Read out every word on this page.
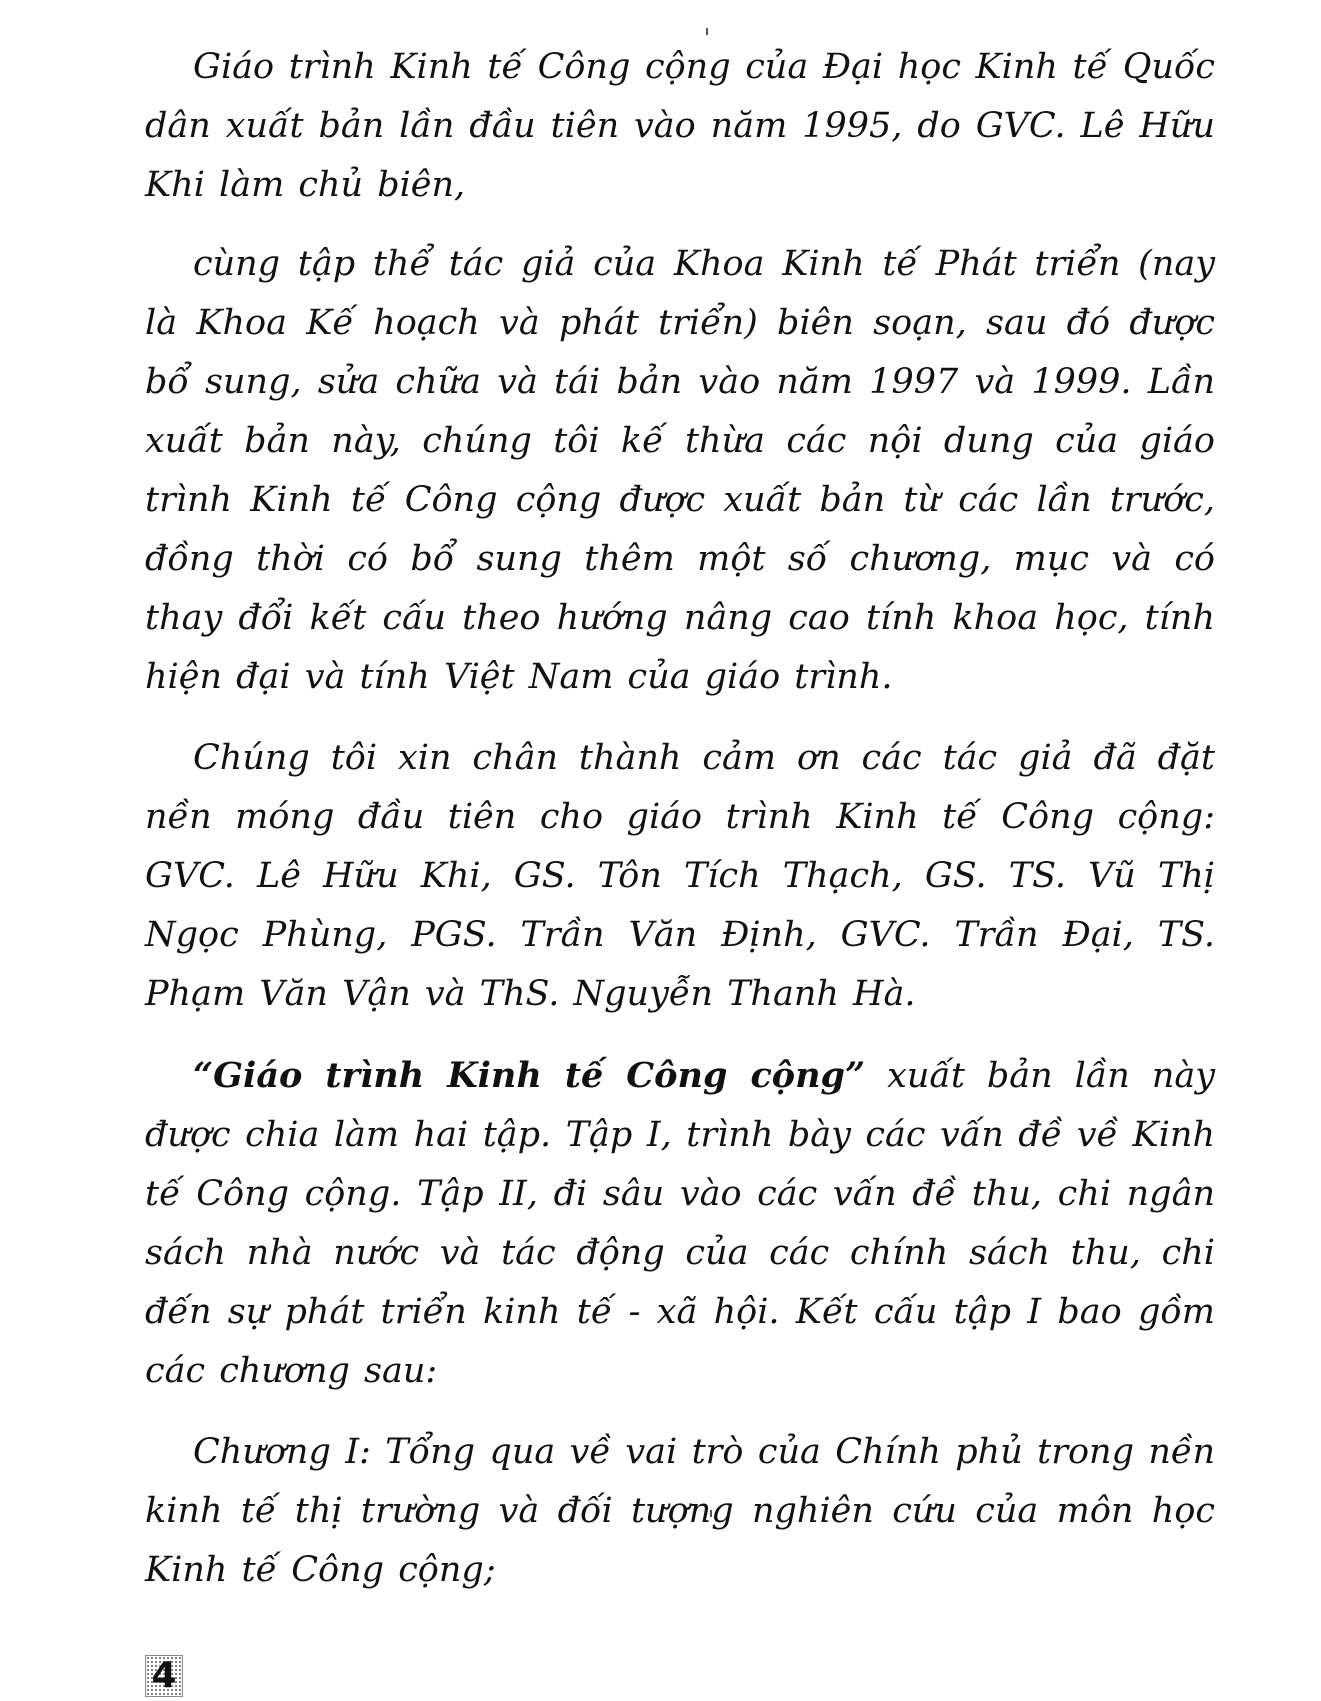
Giáo trình Kinh tế Công cộng của Đại học Kinh tế Quốc dân xuất bản lần đầu tiên vào năm 1995, do GVC. Lê Hữu Khi làm chủ biên,

cùng tập thể tác giả của Khoa Kinh tế Phát triển (nay là Khoa Kế hoạch và phát triển) biên soạn, sau đó được bổ sung, sửa chữa và tái bản vào năm 1997 và 1999. Lần xuất bản này, chúng tôi kế thừa các nội dung của giáo trình Kinh tế Công cộng được xuất bản từ các lần trước, đồng thời có bổ sung thêm một số chương, mục và có thay đổi kết cấu theo hướng nâng cao tính khoa học, tính hiện đại và tính Việt Nam của giáo trình.

Chúng tôi xin chân thành cảm ơn các tác giả đã đặt nền móng đầu tiên cho giáo trình Kinh tế Công cộng: GVC. Lê Hữu Khi, GS. Tôn Tích Thạch, GS. TS. Vũ Thị Ngọc Phùng, PGS. Trần Văn Định, GVC. Trần Đại, TS. Phạm Văn Vận và ThS. Nguyễn Thanh Hà.

“Giáo trình Kinh tế Công cộng” xuất bản lần này được chia làm hai tập. Tập I, trình bày các vấn đề về Kinh tế Công cộng. Tập II, đi sâu vào các vấn đề thu, chi ngân sách nhà nước và tác động của các chính sách thu, chi đến sự phát triển kinh tế - xã hội. Kết cấu tập I bao gồm các chương sau:

Chương I: Tổng qua về vai trò của Chính phủ trong nền kinh tế thị trường và đối tượng nghiên cứu của môn học Kinh tế Công cộng;

4
